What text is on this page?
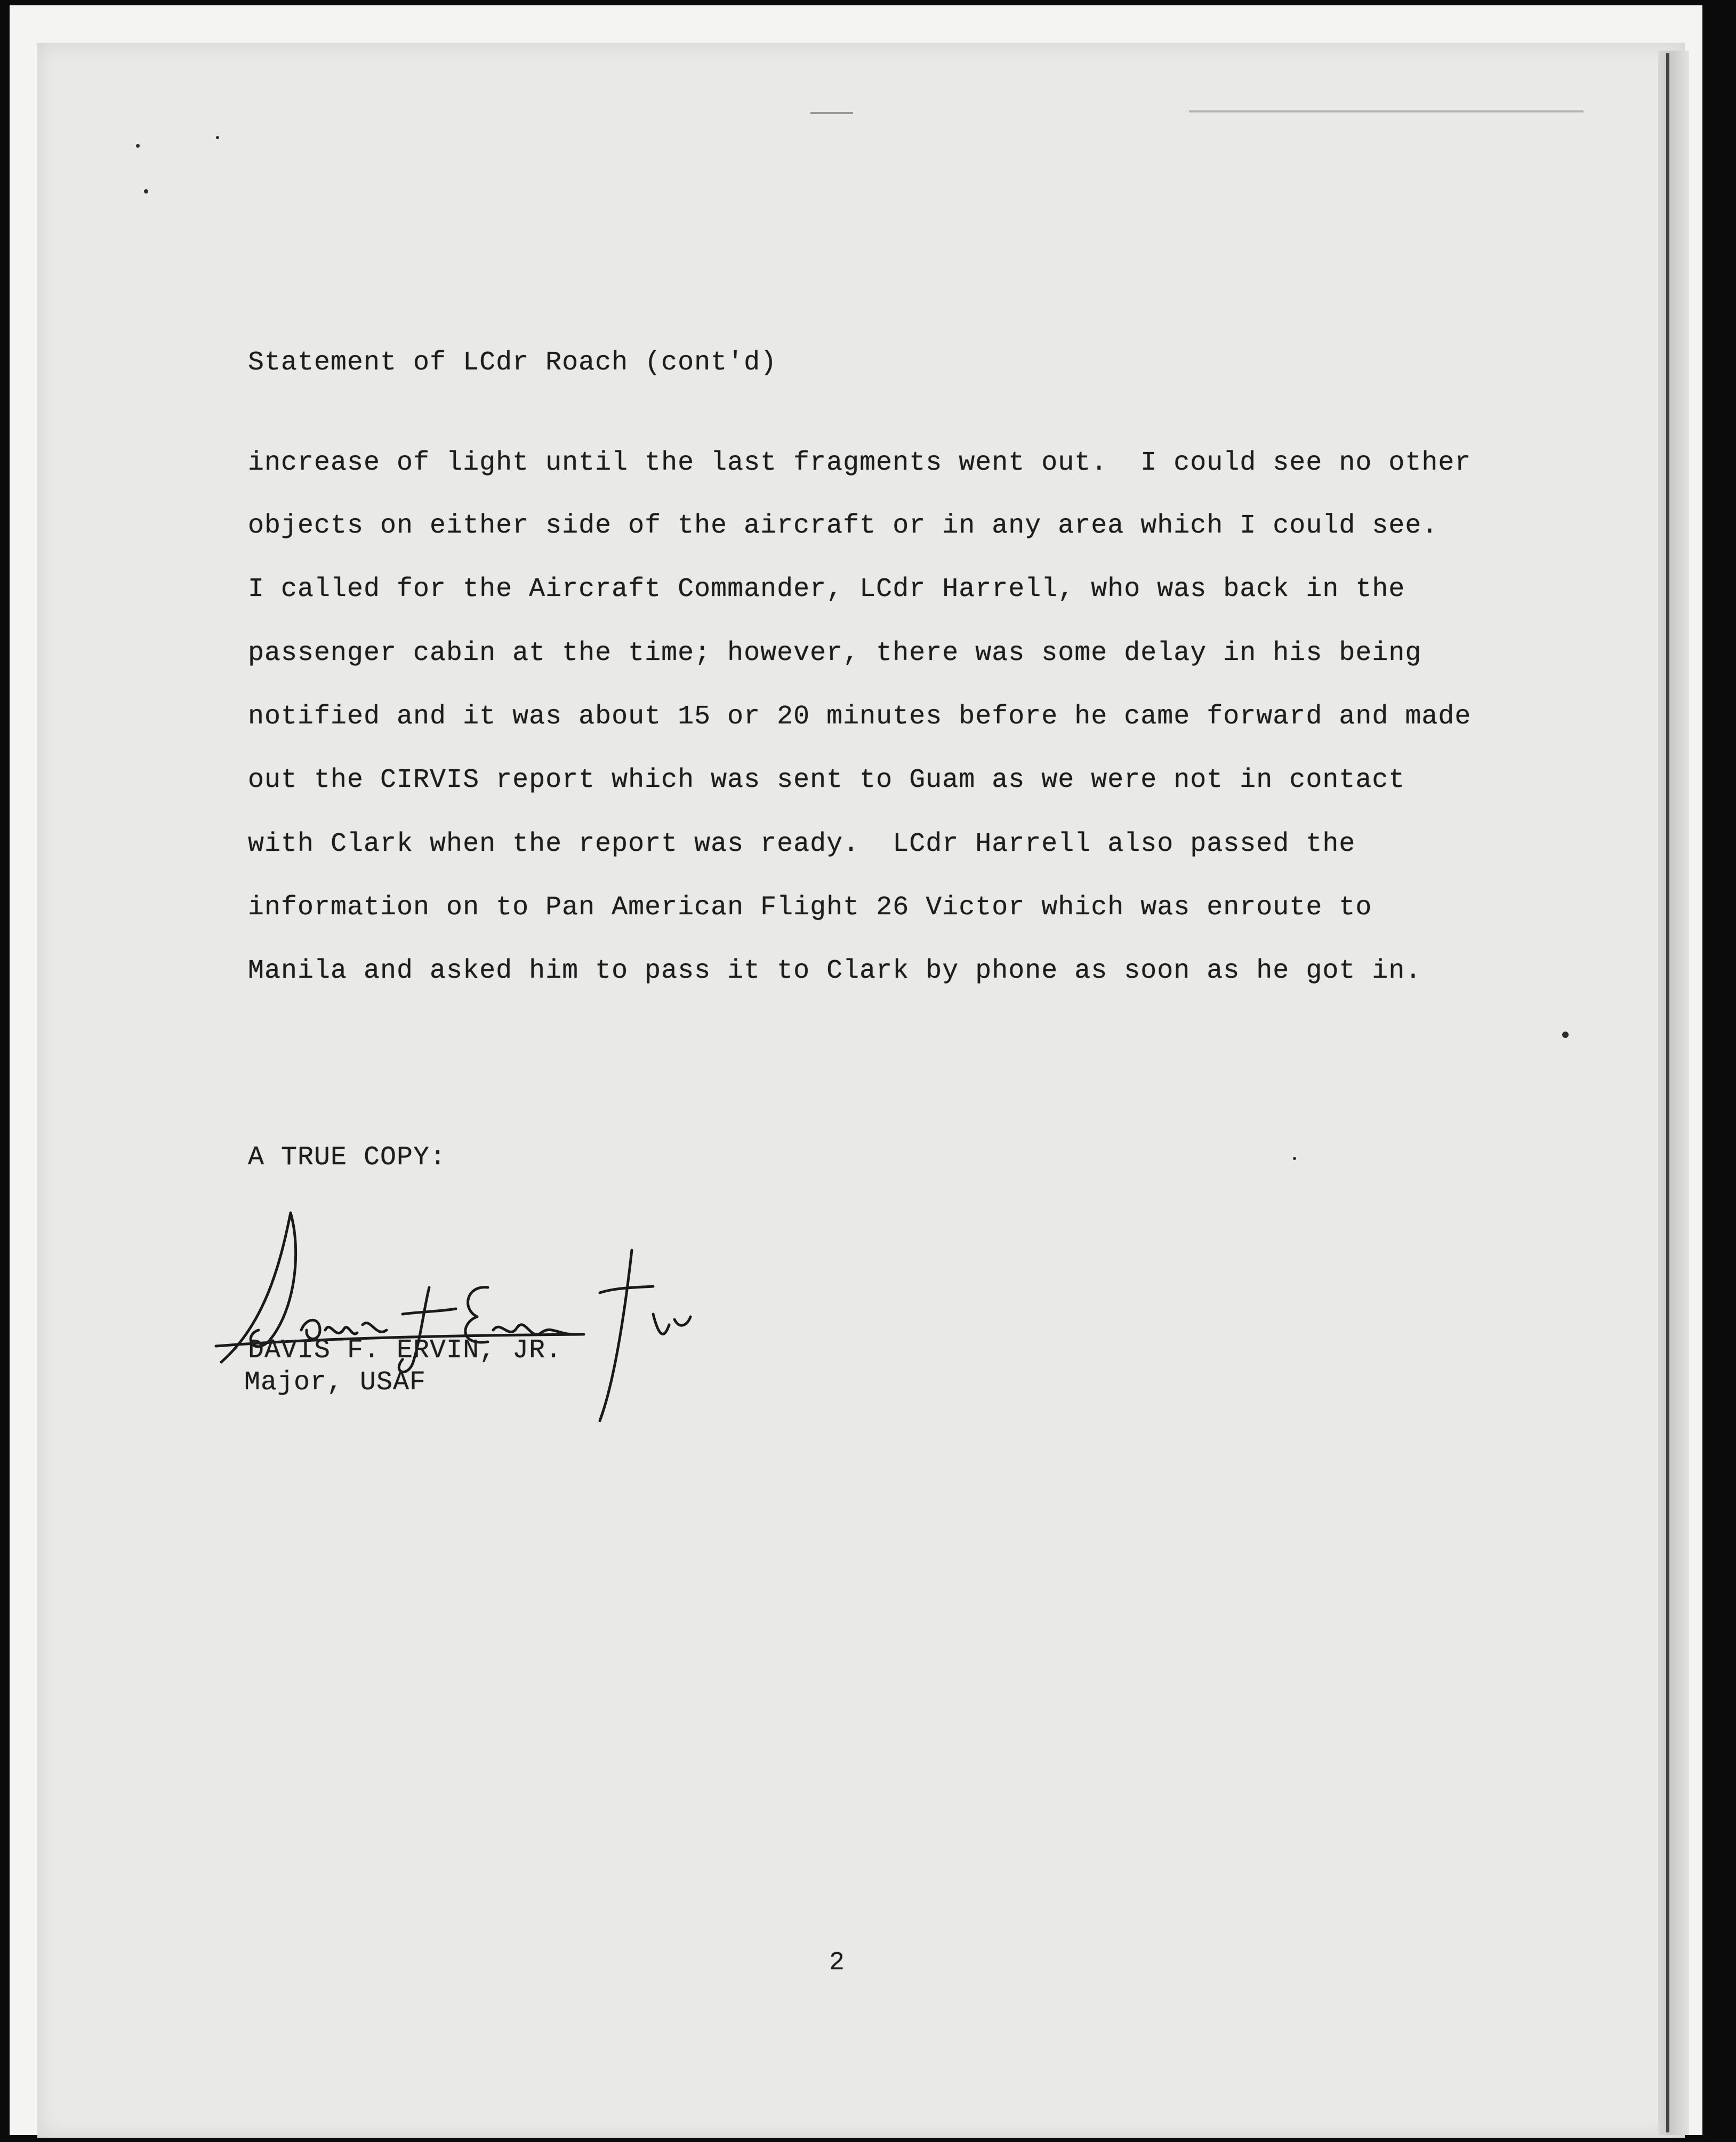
Statement of LCdr Roach (cont'd)
increase of light until the last fragments went out.  I could see no other
objects on either side of the aircraft or in any area which I could see.
I called for the Aircraft Commander, LCdr Harrell, who was back in the
passenger cabin at the time; however, there was some delay in his being
notified and it was about 15 or 20 minutes before he came forward and made
out the CIRVIS report which was sent to Guam as we were not in contact
with Clark when the report was ready.  LCdr Harrell also passed the
information on to Pan American Flight 26 Victor which was enroute to
Manila and asked him to pass it to Clark by phone as soon as he got in.
A TRUE COPY:
DAVIS F. ERVIN, JR.
Major, USAF
2
